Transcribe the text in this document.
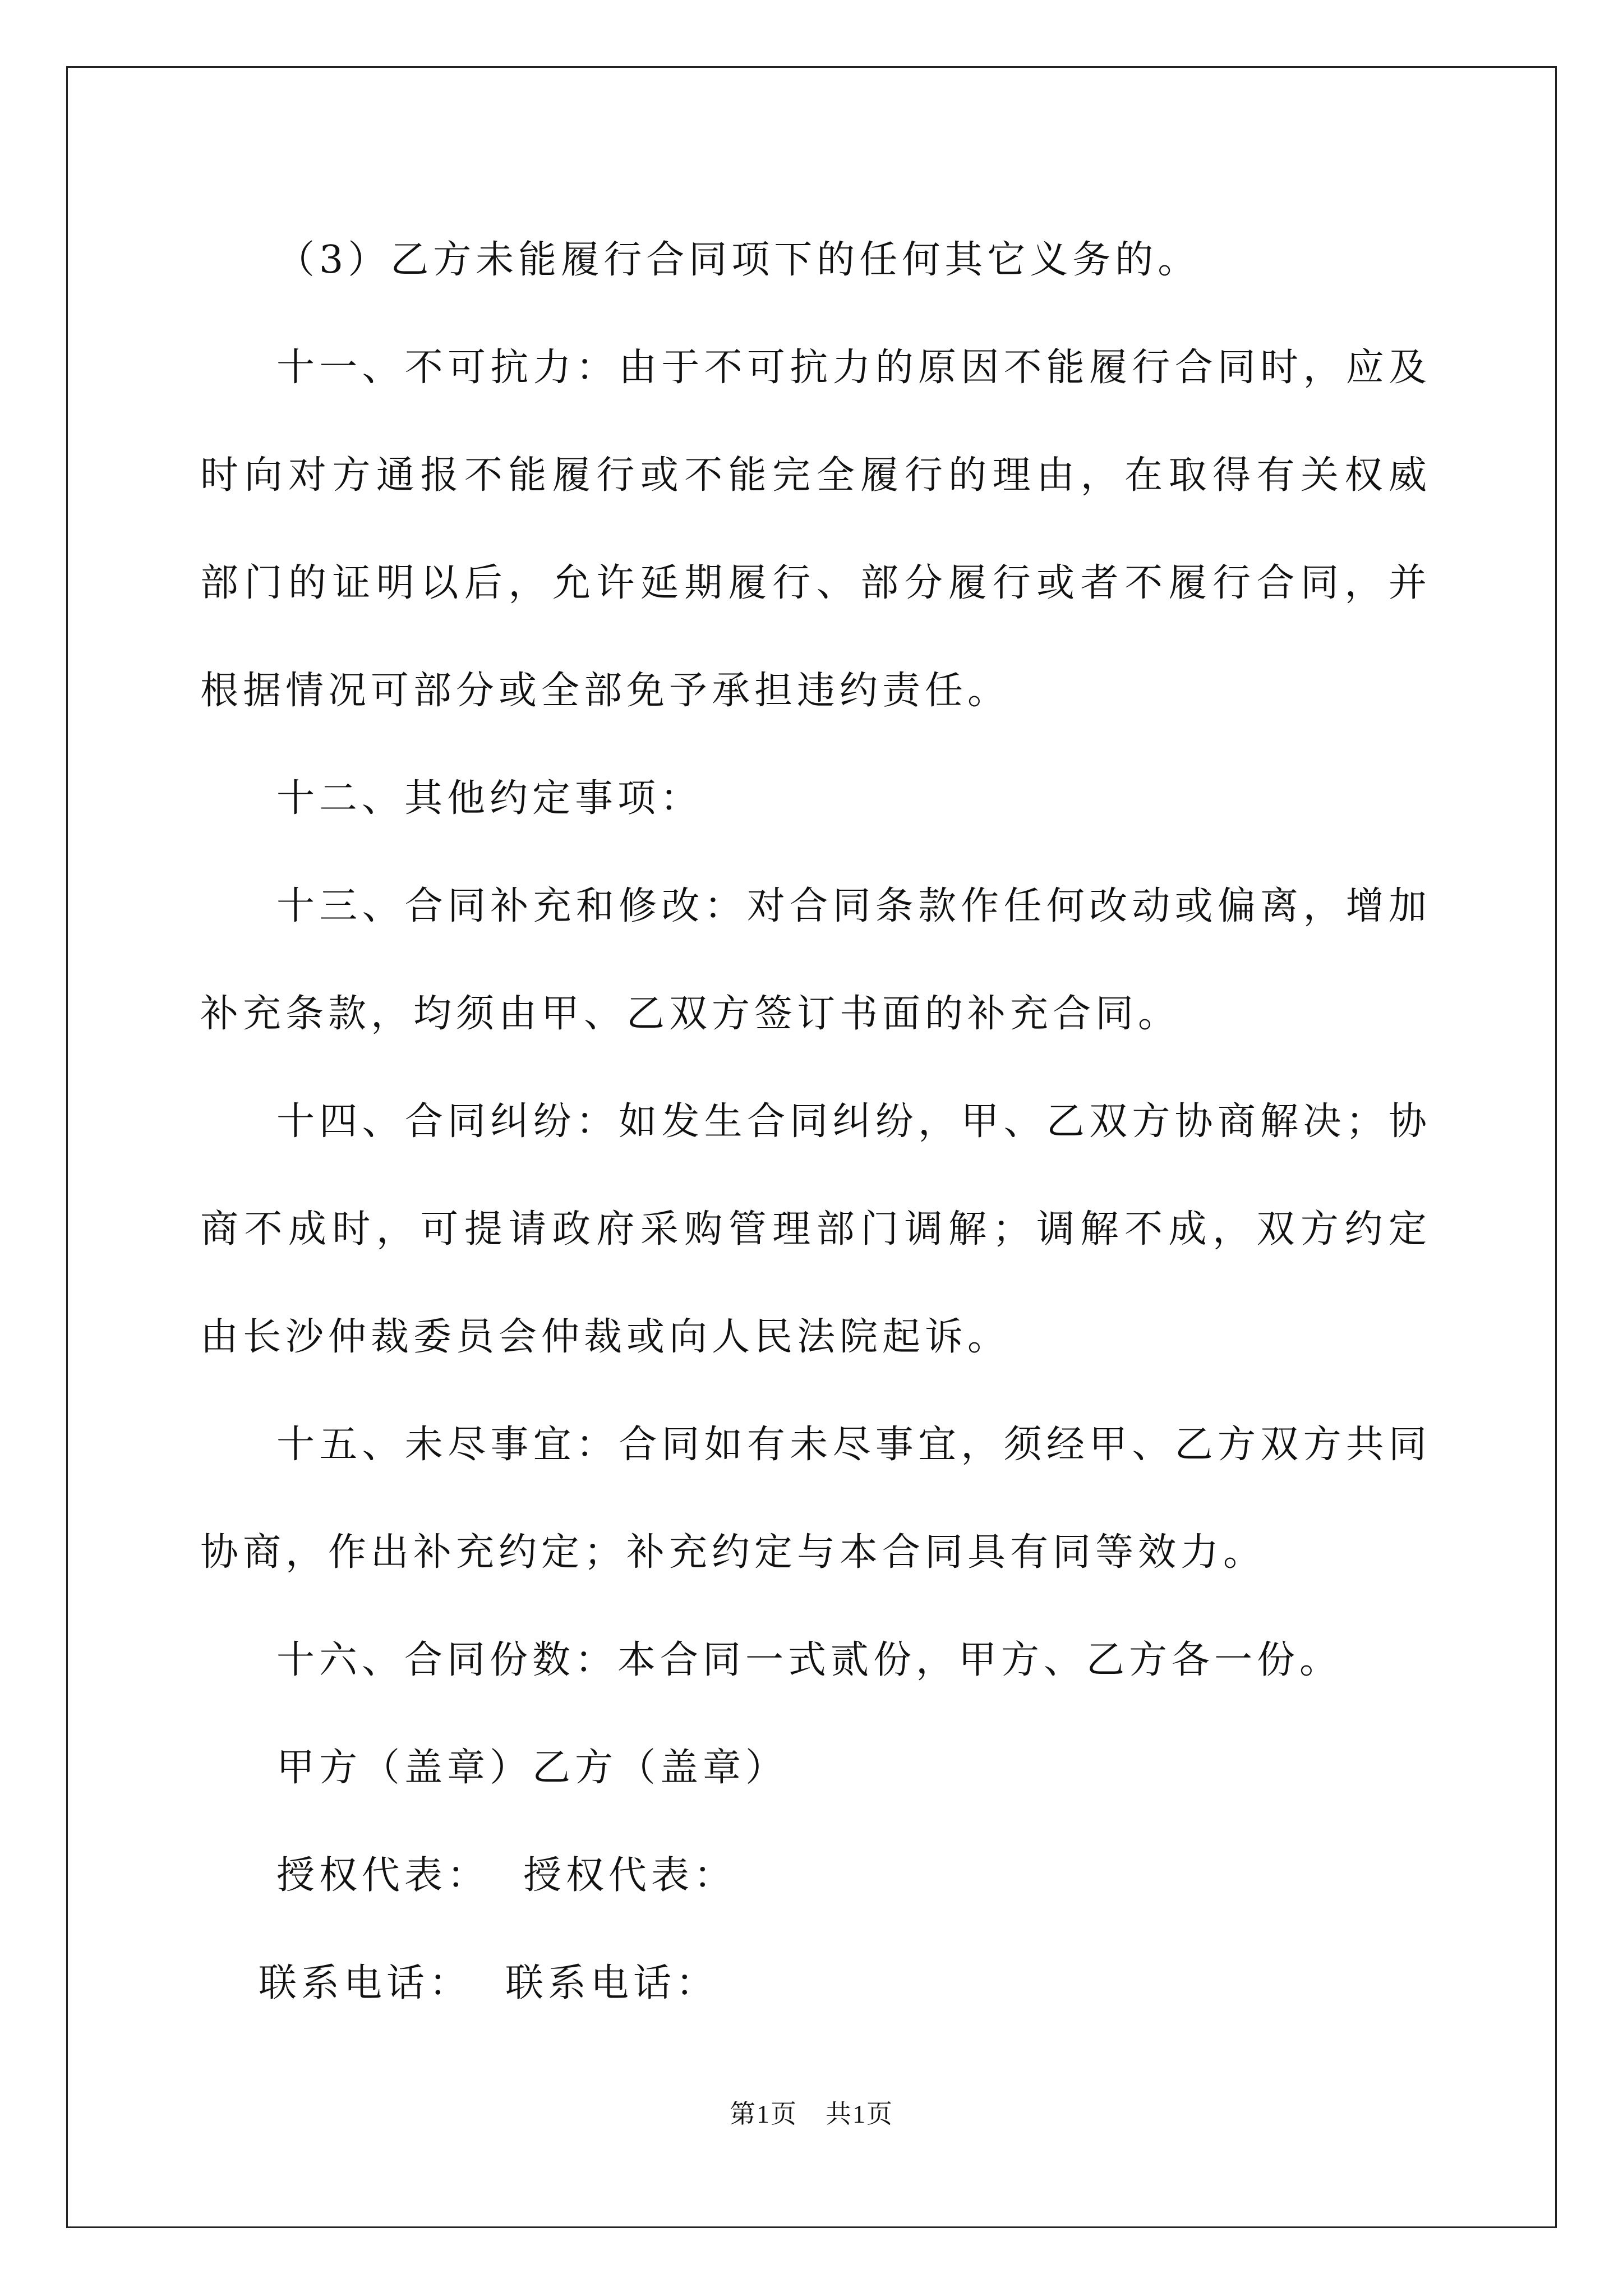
（3）乙方未能履行合同项下的任何其它义务的。

十一、不可抗力：由于不可抗力的原因不能履行合同时，应及时向对方通报不能履行或不能完全履行的理由，在取得有关权威部门的证明以后，允许延期履行、部分履行或者不履行合同，并根据情况可部分或全部免予承担违约责任。

十二、其他约定事项：

十三、合同补充和修改：对合同条款作任何改动或偏离，增加补充条款，均须由甲、乙双方签订书面的补充合同。

十四、合同纠纷：如发生合同纠纷，甲、乙双方协商解决；协商不成时，可提请政府采购管理部门调解；调解不成，双方约定由长沙仲裁委员会仲裁或向人民法院起诉。

十五、未尽事宜：合同如有未尽事宜，须经甲、乙方双方共同协商，作出补充约定；补充约定与本合同具有同等效力。

十六、合同份数：本合同一式贰份，甲方、乙方各一份。

甲方（盖章）乙方（盖章）
授权代表： 授权代表：
联系电话： 联系电话：
第1页 共1页
